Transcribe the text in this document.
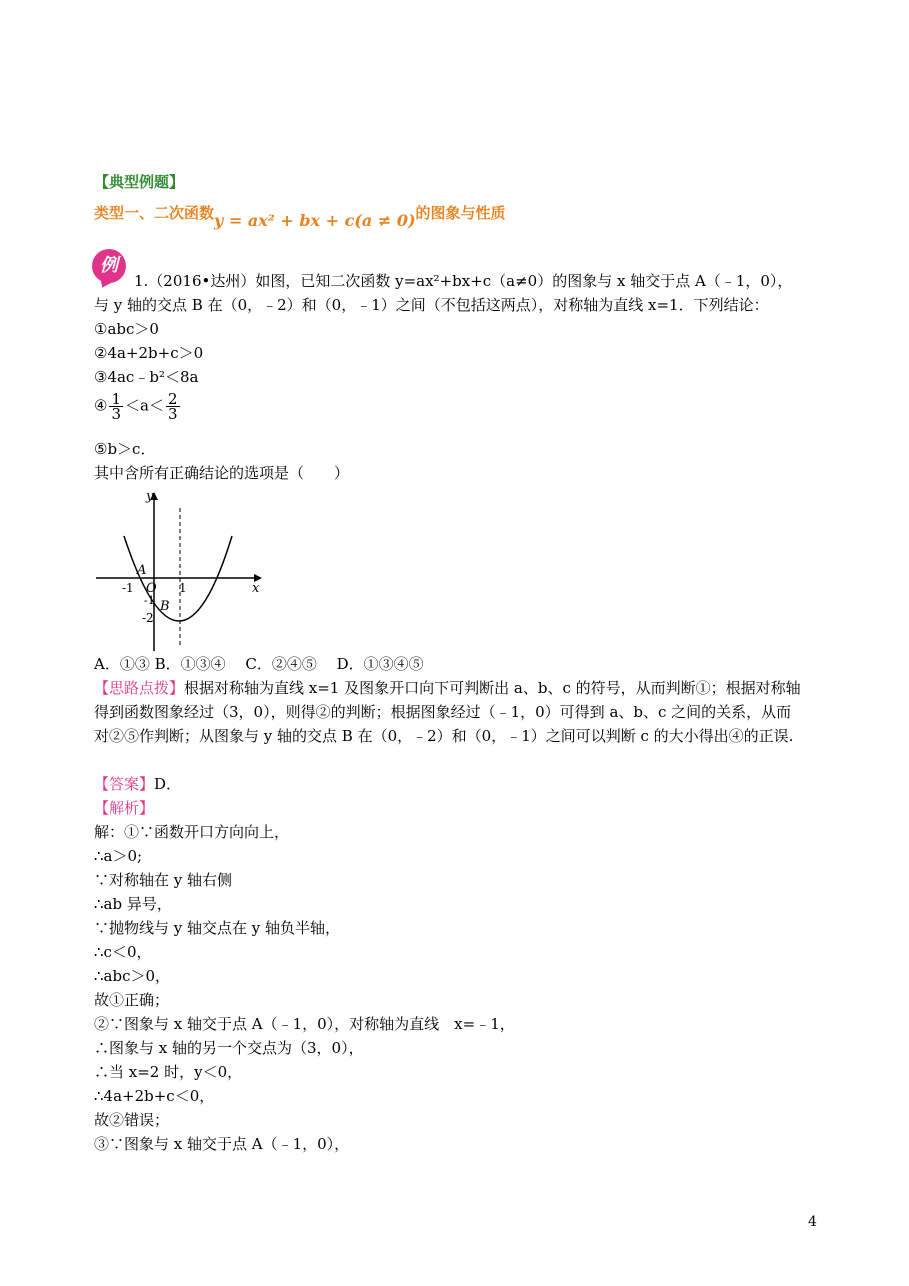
【典型例题】
类型一、二次函数y = ax² + bx + c(a ≠ 0)的图象与性质
例
1.（2016•达州）如图，已知二次函数 y=ax²+bx+c（a≠0）的图象与 x 轴交于点 A（﹣1，0），
与 y 轴的交点 B 在（0，﹣2）和（0，﹣1）之间（不包括这两点），对称轴为直线 x=1．下列结论：
①abc＞0
②4a+2b+c＞0
③4ac﹣b²＜8a
④ $\frac{1}{3} <a< \frac{2}{3}$
⑤b＞c．
其中含所有正确结论的选项是（　　）
y
x
A
O
B
-1	1
-1
-2
A．①③ B．①③④　 C．②④⑤　 D．①③④⑤
【思路点拨】根据对称轴为直线 x=1 及图象开口向下可判断出 a、b、c 的符号，从而判断①；根据对称轴
得到函数图象经过（3，0），则得②的判断；根据图象经过（﹣1，0）可得到 a、b、c 之间的关系，从而
对②⑤作判断；从图象与 y 轴的交点 B 在（0，﹣2）和（0，﹣1）之间可以判断 c 的大小得出④的正误.
【答案】D．
【解析】
解：①∵函数开口方向向上，
∴a＞0;
∵对称轴在 y 轴右侧
∴ab 异号，
∵抛物线与 y 轴交点在 y 轴负半轴，
∴c＜0，
∴abc＞0，
故①正确；
②∵图象与 x 轴交于点 A（﹣1，0），对称轴为直线　x=﹣1，
∴图象与 x 轴的另一个交点为（3，0），
∴当 x=2 时，y＜0，
∴4a+2b+c＜0，
故②错误；
③∵图象与 x 轴交于点 A（﹣1，0），
4
